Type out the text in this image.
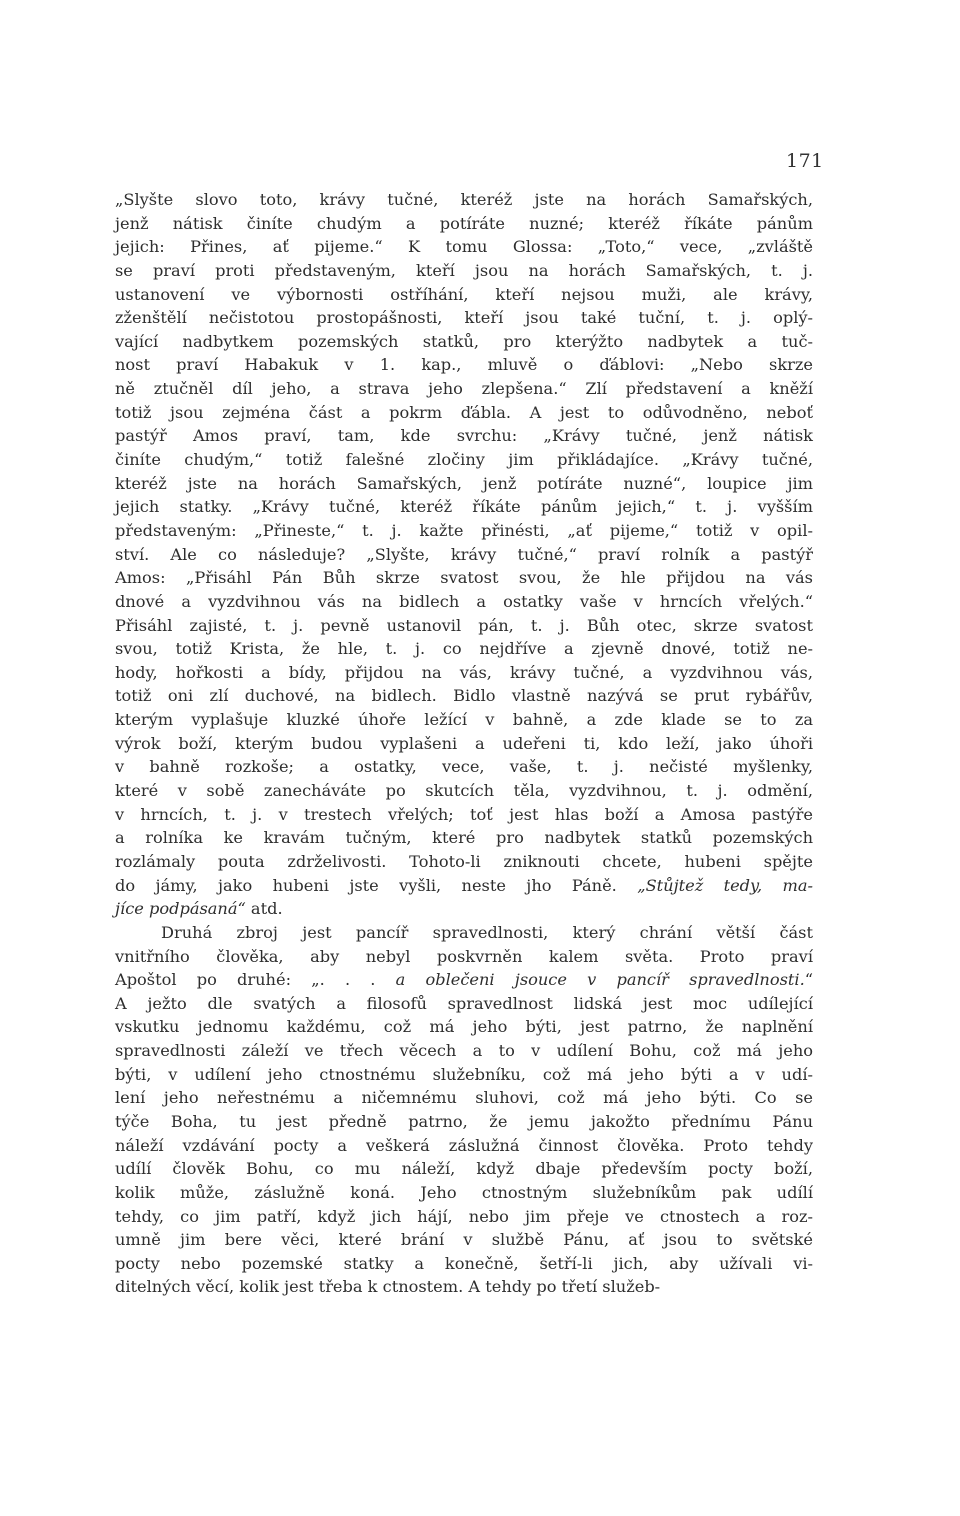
171
„Slyšte slovo toto, krávy tučné, kteréž jste na horách Samařských,
jenž nátisk činíte chudým a potíráte nuzné; kteréž říkáte pánům
jejich: Přines, ať pijeme.“ K tomu Glossa: „Toto,“ vece, „zvláště
se praví proti představeným, kteří jsou na horách Samařských, t. j.
ustanovení ve výbornosti ostříhání, kteří nejsou muži, ale krávy,
zženštělí nečistotou prostopášnosti, kteří jsou také tuční, t. j. oplý-
vající nadbytkem pozemských statků, pro kterýžto nadbytek a tuč-
nost praví Habakuk v 1. kap., mluvě o ďáblovi: „Nebo skrze
ně ztučněl díl jeho, a strava jeho zlepšena.“ Zlí představení a kněží
totiž jsou zejména část a pokrm ďábla. A jest to odůvodněno, neboť
pastýř Amos praví, tam, kde svrchu: „Krávy tučné, jenž nátisk
činíte chudým,“ totiž falešné zločiny jim přikládajíce. „Krávy tučné,
kteréž jste na horách Samařských, jenž potíráte nuzné“, loupice jim
jejich statky. „Krávy tučné, kteréž říkáte pánům jejich,“ t. j. vyšším
představeným: „Přineste,“ t. j. kažte přinésti, „ať pijeme,“ totiž v opil-
ství. Ale co následuje? „Slyšte, krávy tučné,“ praví rolník a pastýř
Amos: „Přisáhl Pán Bůh skrze svatost svou, že hle přijdou na vás
dnové a vyzdvihnou vás na bidlech a ostatky vaše v hrncích vřelých.“
Přisáhl zajisté, t. j. pevně ustanovil pán, t. j. Bůh otec, skrze svatost
svou, totiž Krista, že hle, t. j. co nejdříve a zjevně dnové, totiž ne-
hody, hořkosti a bídy, přijdou na vás, krávy tučné, a vyzdvihnou vás,
totiž oni zlí duchové, na bidlech. Bidlo vlastně nazývá se prut rybářův,
kterým vyplašuje kluzké úhoře ležící v bahně, a zde klade se to za
výrok boží, kterým budou vyplašeni a udeřeni ti, kdo leží, jako úhoři
v bahně rozkoše; a ostatky, vece, vaše, t. j. nečisté myšlenky,
které v sobě zanecháváte po skutcích těla, vyzdvihnou, t. j. odmění,
v hrncích, t. j. v trestech vřelých; toť jest hlas boží a Amosa pastýře
a rolníka ke kravám tučným, které pro nadbytek statků pozemských
rozlámaly pouta zdrželivosti. Tohoto-li zniknouti chcete, hubeni spějte
do jámy, jako hubeni jste vyšli, neste jho Páně. „Stůjtež tedy, ma-
jíce podpásaná“ atd.
Druhá zbroj jest pancíř spravedlnosti, který chrání větší část
vnitřního člověka, aby nebyl poskvrněn kalem světa. Proto praví
Apoštol po druhé: „. . . a oblečeni jsouce v pancíř spravedlnosti.“
A ježto dle svatých a filosofů spravedlnost lidská jest moc udílející
vskutku jednomu každému, což má jeho býti, jest patrno, že naplnění
spravedlnosti záleží ve třech věcech a to v udílení Bohu, což má jeho
býti, v udílení jeho ctnostnému služebníku, což má jeho býti a v udí-
lení jeho neřestnému a ničemnému sluhovi, což má jeho býti. Co se
týče Boha, tu jest předně patrno, že jemu jakožto přednímu Pánu
náleží vzdávání pocty a veškerá záslužná činnost člověka. Proto tehdy
udílí člověk Bohu, co mu náleží, když dbaje především pocty boží,
kolik může, záslužně koná. Jeho ctnostným služebníkům pak udílí
tehdy, co jim patří, když jich hájí, nebo jim přeje ve ctnostech a roz-
umně jim bere věci, které brání v službě Pánu, ať jsou to světské
pocty nebo pozemské statky a konečně, šetří-li jich, aby užívali vi-
ditelných věcí, kolik jest třeba k ctnostem. A tehdy po třetí služeb-
